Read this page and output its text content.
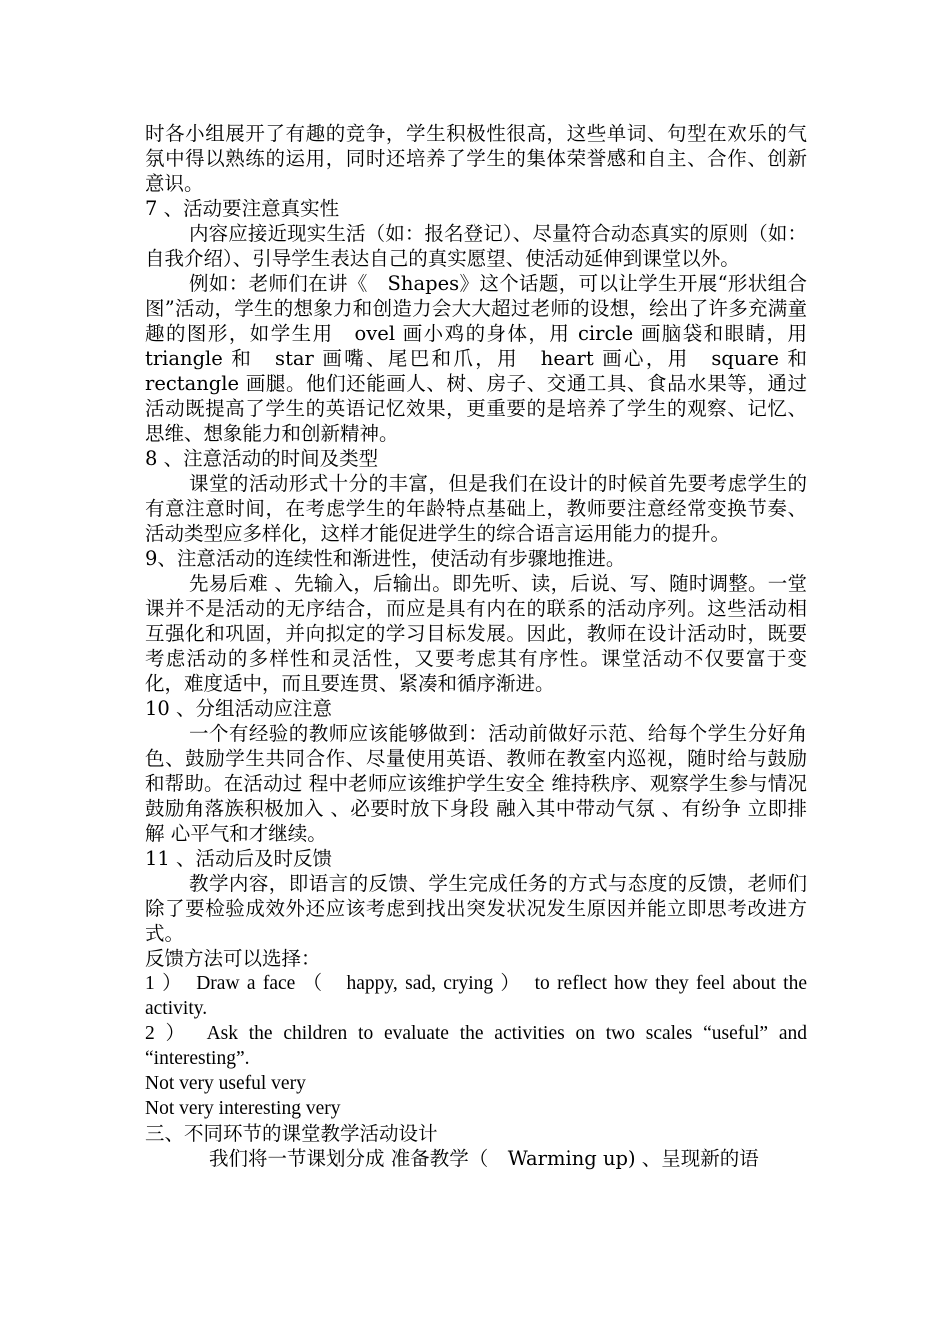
时各小组展开了有趣的竞争，学生积极性很高，这些单词、句型在欢乐的气氛中得以熟练的运用，同时还培养了学生的集体荣誉感和自主、合作、创新意识。

7 、活动要注意真实性

内容应接近现实生活（如：报名登记）、尽量符合动态真实的原则（如：自我介绍）、引导学生表达自己的真实愿望、使活动延伸到课堂以外。

例如：老师们在讲《　Shapes》这个话题，可以让学生开展“形状组合图”活动，学生的想象力和创造力会大大超过老师的设想，绘出了许多充满童趣的图形，如学生用　ovel 画小鸡的身体，用 circle 画脑袋和眼睛，用　triangle 和　star 画嘴、尾巴和爪，用　heart 画心，用　square 和 rectangle 画腿。他们还能画人、树、房子、交通工具、食品水果等，通过活动既提高了学生的英语记忆效果，更重要的是培养了学生的观察、记忆、思维、想象能力和创新精神。

8 、注意活动的时间及类型

课堂的活动形式十分的丰富，但是我们在设计的时候首先要考虑学生的有意注意时间，在考虑学生的年龄特点基础上，教师要注意经常变换节奏、活动类型应多样化，这样才能促进学生的综合语言运用能力的提升。

9、注意活动的连续性和渐进性，使活动有步骤地推进。

先易后难 、先输入，后输出。即先听、读，后说、写、随时调整。一堂课并不是活动的无序结合，而应是具有内在的联系的活动序列。这些活动相互强化和巩固，并向拟定的学习目标发展。因此，教师在设计活动时，既要考虑活动的多样性和灵活性，又要考虑其有序性。课堂活动不仅要富于变化，难度适中，而且要连贯、紧凑和循序渐进。

10 、分组活动应注意

一个有经验的教师应该能够做到：活动前做好示范、给每个学生分好角色、鼓励学生共同合作、尽量使用英语、教师在教室内巡视，随时给与鼓励和帮助。在活动过 程中老师应该维护学生安全 维持秩序、观察学生参与情况 鼓励角落族积极加入 、必要时放下身段 融入其中带动气氛 、有纷争 立即排解 心平气和才继续。

11 、活动后及时反馈

教学内容，即语言的反馈、学生完成任务的方式与态度的反馈，老师们除了要检验成效外还应该考虑到找出突发状况发生原因并能立即思考改进方式。

反馈方法可以选择：

1 ）　Draw a face （　happy, sad, crying ）　to reflect how they feel about the activity.

2 ）　Ask the children to evaluate the activities on two scales “useful” and “interesting”.

Not very useful very

Not very interesting very

三、不同环节的课堂教学活动设计

我们将一节课划分成 准备教学（　Warming up) 、呈现新的语
